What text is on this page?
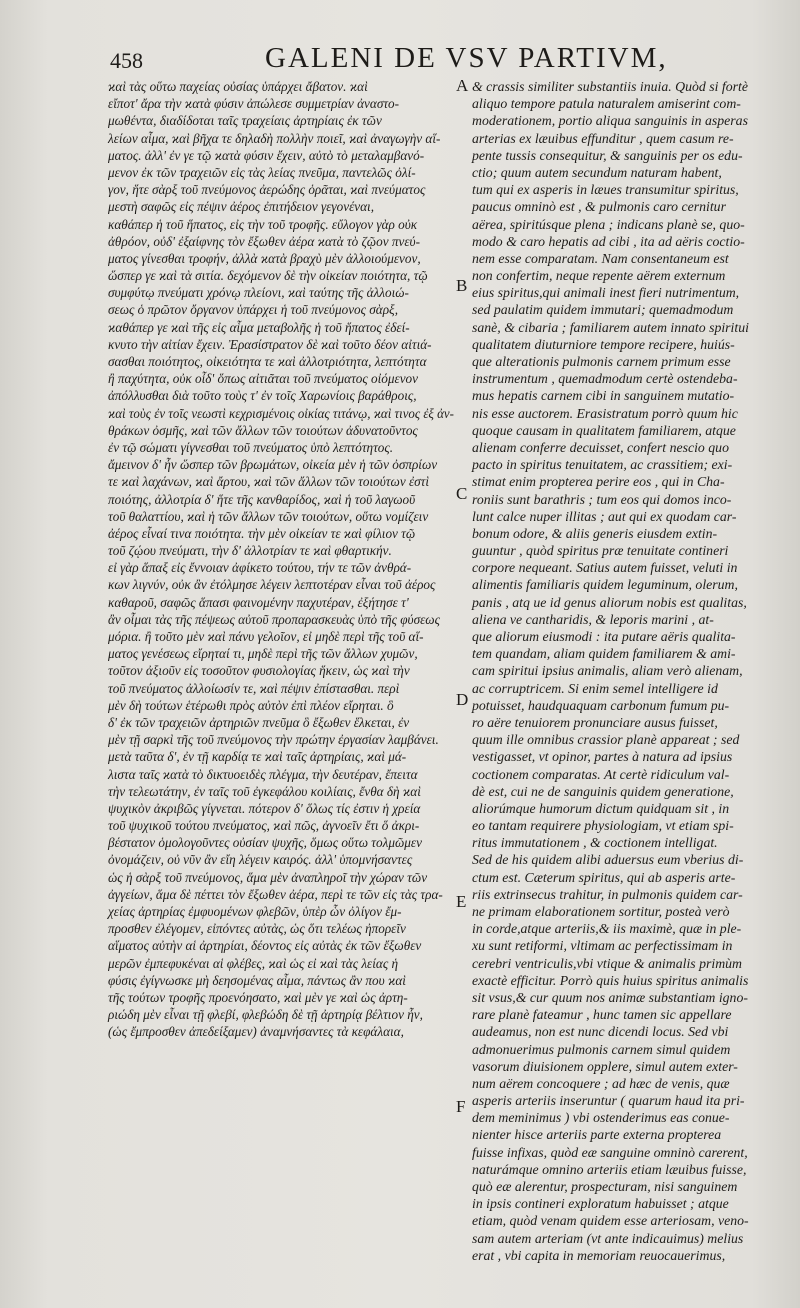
458	GALENI DE VSV PARTIVM,
ϰαὶ τὰς οὕτω παχείας οὐσίας ὑπάρχει ἄβατον. ϰαὶ
εἴποτ' ἄρα τὴν ϰατὰ φύσιν ἀπώλεσε συμμετρίαν ἀναστο-
μωθέντα, διαδίδοται ταῖς τραχείαις ἀρτηρίαις ἐκ τῶν
λείων αἷμα, ϰαὶ βῆχα τε δηλαδὴ πολλὴν ποιεῖ, ϰαὶ ἀναγωγὴν αἵ-
ματος. ἀλλ' ἐν γε τῷ ϰατὰ φύσιν ἔχειν, αὐτὸ τὸ μεταλαμβανό-
μενον ἐκ τῶν τραχειῶν εἰς τὰς λείας πνεῦμα, παντελῶς ὀλί-
γον, ἥτε σὰρξ τοῦ πνεύμονος ἀερώδης ὁρᾶται, ϰαὶ πνεύματος
μεστὴ σαφῶς εἰς πέψιν ἀέρος ἐπιτήδειον γεγονέναι,
καθάπερ ἡ τοῦ ἥπατος, εἰς τὴν τοῦ τροφῆς. εὔλογον γὰρ οὐκ
ἀθρόον, οὐδ' ἐξαίφνης τὸν ἔξωθεν ἀέρα ϰατὰ τὸ ζῷον πνεύ-
ματος γίνεσθαι τροφήν, ἀλλὰ ϰατὰ βραχὺ μὲν ἀλλοιούμενον,
ὥσπερ γε ϰαὶ τὰ σιτία. δεχόμενον δὲ τὴν οἰκείαν ποιότητα, τῷ
συμφύτῳ πνεύματι χρόνῳ πλείονι, ϰαὶ ταύτης τῆς ἀλλοιώ-
σεως ὁ πρῶτον ὄργανον ὑπάρχει ἡ τοῦ πνεύμονος σὰρξ,
ϰαθάπερ γε ϰαὶ τῆς εἰς αἷμα μεταβολῆς ἡ τοῦ ἥπατος ἐδεί-
κνυτο τὴν αἰτίαν ἔχειν. Ἐρασίστρατον δὲ ϰαὶ τοῦτο δέον αἰτιά-
σασθαι ποιότητος, οἰκειότητα τε ϰαὶ ἀλλοτριότητα, λεπτότητα
ἢ παχύτητα, οὐκ οἶδ' ὅπως αἰτιᾶται τοῦ πνεύματος οἰόμενον
ἀπόλλυσθαι διὰ τοῦτο τοὺς τ' ἐν τοῖς Χαρωνίοις βαράθροις,
ϰαὶ τοὺς ἐν τοῖς νεωστὶ κεχρισμένοις οἰκίας τιτάνῳ, ϰαὶ τινος ἐξ ἀν-
θράκων ὀσμῆς, ϰαὶ τῶν ἄλλων τῶν τοιούτων ἀδυνατοῦντος
ἐν τῷ σώματι γίγνεσθαι τοῦ πνεύματος ὑπὸ λεπτότητος.
ἄμεινον δ' ἦν ὥσπερ τῶν βρωμάτων, οἰκεία μὲν ἡ τῶν ὀσπρίων
τε ϰαὶ λαχάνων, ϰαὶ ἄρτου, ϰαὶ τῶν ἄλλων τῶν τοιούτων ἐστὶ
ποιότης, ἀλλοτρία δ' ἥτε τῆς κανθαρίδος, ϰαὶ ἡ τοῦ λαγωοῦ
τοῦ θαλαττίου, ϰαὶ ἡ τῶν ἄλλων τῶν τοιούτων, οὕτω νομίζειν
ἀέρος εἶναί τινα ποιότητα. τὴν μὲν οἰκείαν τε ϰαὶ φίλιον τῷ
τοῦ ζῴου πνεύματι, τὴν δ' ἀλλοτρίαν τε ϰαὶ φθαρτικήν.
εἰ γὰρ ἅπαξ εἰς ἔννοιαν ἀφίκετο τούτου, τήν τε τῶν ἀνθρά-
κων λιγνύν, οὐκ ἂν ἐτόλμησε λέγειν λεπτοτέραν εἶναι τοῦ ἀέρος
καθαροῦ, σαφῶς ἅπασι φαινομένην παχυτέραν, ἐξήτησε τ'
ἂν οἶμαι τὰς τῆς πέψεως αὐτοῦ προπαρασκευὰς ὑπὸ τῆς φύσεως
μόρια. ἢ τοῦτο μὲν ϰαὶ πάνυ γελοῖον, εἰ μηδὲ περὶ τῆς τοῦ αἵ-
ματος γενέσεως εἴρηταί τι, μηδὲ περὶ τῆς τῶν ἄλλων χυμῶν,
τοῦτον ἀξιοῦν εἰς τοσοῦτον φυσιολογίας ἥκειν, ὡς ϰαὶ τὴν
τοῦ πνεύματος ἀλλοίωσίν τε, ϰαὶ πέψιν ἐπίστασθαι. περὶ
μὲν δὴ τούτων ἑτέρωθι πρὸς αὐτὸν ἐπὶ πλέον εἴρηται. ὃ
δ' ἐκ τῶν τραχειῶν ἀρτηριῶν πνεῦμα ὃ ἔξωθεν ἕλκεται, ἐν
μὲν τῇ σαρκὶ τῆς τοῦ πνεύμονος τὴν πρώτην ἐργασίαν λαμβάνει.
μετὰ ταῦτα δ', ἐν τῇ καρδίᾳ τε ϰαὶ ταῖς ἀρτηρίαις, ϰαὶ μά-
λιστα ταῖς ϰατὰ τὸ δικτυοειδὲς πλέγμα, τὴν δευτέραν, ἔπειτα
τὴν τελεωτάτην, ἐν ταῖς τοῦ ἐγκεφάλου κοιλίαις, ἔνθα δὴ ϰαὶ
ψυχικὸν ἀκριβῶς γίγνεται. πότερον δ' ὅλως τίς ἐστιν ἡ χρεία
τοῦ ψυχικοῦ τούτου πνεύματος, ϰαὶ πῶς, ἀγνοεῖν ἔτι ὅ ἀκρι-
βέστατον ὁμολογοῦντες οὐσίαν ψυχῆς, ὅμως οὕτω τολμῶμεν
ὀνομάζειν, οὐ νῦν ἂν εἴη λέγειν καιρός. ἀλλ' ὑπομνήσαντες
ὡς ἡ σὰρξ τοῦ πνεύμονος, ἅμα μὲν ἀναπληροῖ τὴν χώραν τῶν
ἀγγείων, ἅμα δὲ πέττει τὸν ἔξωθεν ἀέρα, περὶ τε τῶν εἰς τὰς τρα-
χείας ἀρτηρίας ἐμφυομένων φλεβῶν, ὑπὲρ ὧν ὀλίγον ἔμ-
προσθεν ἐλέγομεν, εἰπόντες αὐτὰς, ὡς ὅτι τελέως ἠπορεῖν
αἵματος αὐτὴν αἱ ἀρτηρίαι, δέοντος εἰς αὐτὰς ἐκ τῶν ἔξωθεν
μερῶν ἐμπεφυκέναι αἱ φλέβες, ϰαὶ ὡς εἰ ϰαὶ τὰς λείας ἡ
φύσις ἐγίγνωσκε μὴ δεησομένας αἷμα, πάντως ἂν που ϰαὶ
τῆς τούτων τροφῆς προενόησατο, ϰαὶ μὲν γε ϰαὶ ὡς ἀρτη-
ριώδη μὲν εἶναι τῇ φλεβί, φλεβώδη δὲ τῇ ἀρτηρίᾳ βέλτιον ἦν,
(ὡς ἔμπροσθεν ἀπεδείξαμεν) ἀναμνήσαντες τὰ κεφάλαια,
A
B
C
D
E
F
& crassis similiter substantiis inuia. Quòd si fortè
aliquo tempore patula naturalem amiserint com-
moderationem, portio aliqua sanguinis in asperas
arterias ex læuibus effunditur , quem casum re-
pente tussis consequitur, & sanguinis per os edu-
ctio; quum autem secundum naturam habent,
tum qui ex asperis in læues transumitur spiritus,
paucus omninò est , & pulmonis caro cernitur
aërea, spiritúsque plena ; indicans planè se, quo-
modo & caro hepatis ad cibi , ita ad aëris coctio-
nem esse comparatam. Nam consentaneum est
non confertim, neque repente aërem externum
eius spiritus,qui animali inest fieri nutrimentum,
sed paulatim quidem immutari; quemadmodum
sanè, & cibaria ; familiarem autem innato spiritui
qualitatem diuturniore tempore recipere, huiús-
que alterationis pulmonis carnem primum esse
instrumentum , quemadmodum certè ostendeba-
mus hepatis carnem cibi in sanguinem mutatio-
nis esse auctorem. Erasistratum porrò quum hic
quoque causam in qualitatem familiarem, atque
alienam conferre decuisset, confert nescio quo
pacto in spiritus tenuitatem, ac crassitiem; exi-
stimat enim propterea perire eos , qui in Cha-
roniis sunt barathris ; tum eos qui domos inco-
lunt calce nuper illitas ; aut qui ex quodam car-
bonum odore, & aliis generis eiusdem extin-
guuntur , quòd spiritus præ tenuitate contineri
corpore nequeant. Satius autem fuisset, veluti in
alimentis familiaris quidem leguminum, olerum,
panis , atq ue id genus aliorum nobis est qualitas,
aliena ve cantharidis, & leporis marini , at-
que aliorum eiusmodi : ita putare aëris qualita-
tem quandam, aliam quidem familiarem & ami-
cam spiritui ipsius animalis, aliam verò alienam,
ac corruptricem. Si enim semel intelligere id
potuisset, haudquaquam carbonum fumum pu-
ro aëre tenuiorem pronunciare ausus fuisset,
quum ille omnibus crassior planè appareat ; sed
vestigasset, vt opinor, partes à natura ad ipsius
coctionem comparatas. At certè ridiculum val-
dè est, cui ne de sanguinis quidem generatione,
aliorúmque humorum dictum quidquam sit , in
eo tantam requirere physiologiam, vt etiam spi-
ritus immutationem , & coctionem intelligat.
Sed de his quidem alibi aduersus eum vberius di-
ctum est. Cæterum spiritus, qui ab asperis arte-
riis extrinsecus trahitur, in pulmonis quidem car-
ne primam elaborationem sortitur, posteà verò
in corde,atque arteriis,& iis maximè, quæ in ple-
xu sunt retiformi, vltimam ac perfectissimam in
cerebri ventriculis,vbi vtique & animalis primùm
exactè efficitur. Porrò quis huius spiritus animalis
sit vsus,& cur quum nos animæ substantiam igno-
rare planè fateamur , hunc tamen sic appellare
audeamus, non est nunc dicendi locus. Sed vbi
admonuerimus pulmonis carnem simul quidem
vasorum diuisionem opplere, simul autem exter-
num aërem concoquere ; ad hæc de venis, quæ
asperis arteriis inseruntur ( quarum haud ita pri-
dem meminimus ) vbi ostenderimus eas conue-
nienter hisce arteriis parte externa propterea
fuisse infixas, quòd eæ sanguine omninò carerent,
naturámque omnino arteriis etiam læuibus fuisse,
quò eæ alerentur, prospecturam, nisi sanguinem
in ipsis contineri exploratum habuisset ; atque
etiam, quòd venam quidem esse arteriosam, veno-
sam autem arteriam (vt ante indicauimus) melius
erat , vbi capita in memoriam reuocauerimus,
